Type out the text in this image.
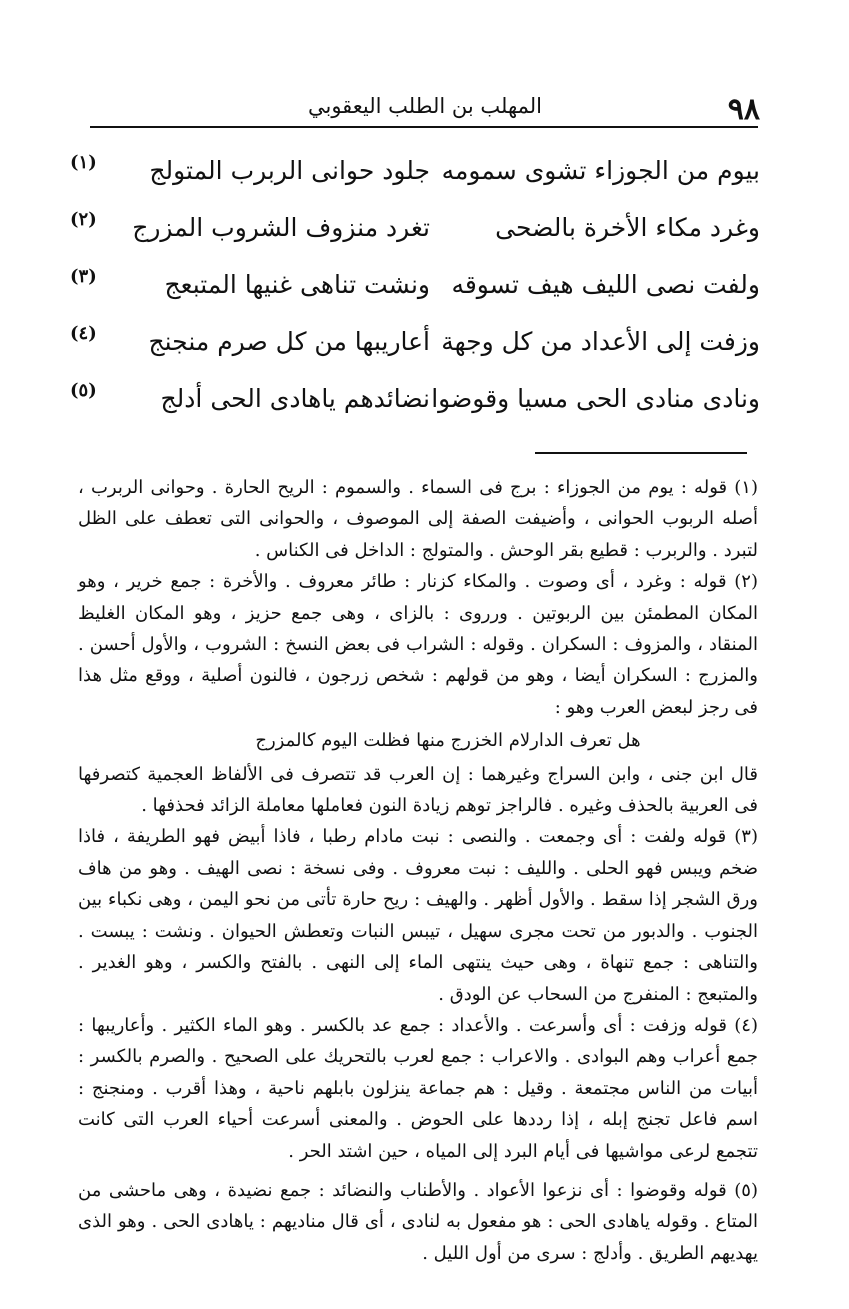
٩٨
المهلب بن الطلب اليعقوبي
بيوم من الجوزاء تشوى سمومه
جلود حوانى الربرب المتولج
(١)
وغرد مكاء الأخرة بالضحى
تغرد منزوف الشروب المزرج
(٢)
ولفت نصى الليف هيف تسوقه
ونشت تناهى غنيها المتبعج
(٣)
وزفت إلى الأعداد من كل وجهة
أعاريبها من كل صرم منجنج
(٤)
ونادى منادى الحى مسيا وقوضوا
نضائدهم ياهادى الحى أدلج
(٥)

(١) قوله : يوم من الجوزاء : برج فى السماء . والسموم : الريح الحارة . وحوانى الربرب ، أصله الربوب الحوانى ، وأضيفت الصفة إلى الموصوف ، والحوانى التى تعطف على الظل لتبرد . والربرب : قطيع بقر الوحش . والمتولج : الداخل فى الكناس .

(٢) قوله : وغرد ، أى وصوت . والمكاء كزنار : طائر معروف . والأخرة : جمع خرير ، وهو المكان المطمئن بين الربوتين . ورروى : بالزاى ، وهى جمع حزيز ، وهو المكان الغليظ المنقاد ، والمزوف : السكران . وقوله : الشراب فى بعض النسخ : الشروب ، والأول أحسن . والمزرج : السكران أيضا ، وهو من قولهم : شخص زرجون ، فالنون أصلية ، ووقع مثل هذا فى رجز لبعض العرب وهو :

هل تعرف الدارلام الخزرج منها فظلت اليوم كالمزرج

قال ابن جنى ، وابن السراج وغيرهما : إن العرب قد تتصرف فى الألفاظ العجمية كتصرفها فى العربية بالحذف وغيره . فالراجز توهم زيادة النون فعاملها معاملة الزائد فحذفها .

(٣) قوله ولفت : أى وجمعت . والنصى : نبت مادام رطبا ، فاذا أبيض فهو الطريفة ، فاذا ضخم ويبس فهو الحلى . والليف : نبت معروف . وفى نسخة : نصى الهيف . وهو من هاف ورق الشجر إذا سقط . والأول أظهر . والهيف : ريح حارة تأتى من نحو اليمن ، وهى نكباء بين الجنوب . والدبور من تحت مجرى سهيل ، تيبس النبات وتعطش الحيوان . ونشت : يبست . والتناهى : جمع تنهاة ، وهى حيث ينتهى الماء إلى النهى . بالفتح والكسر ، وهو الغدير . والمتبعج : المنفرج من السحاب عن الودق .

(٤) قوله وزفت : أى وأسرعت . والأعداد : جمع عد بالكسر . وهو الماء الكثير . وأعاريبها : جمع أعراب وهم البوادى . والاعراب : جمع لعرب بالتحريك على الصحيح . والصرم بالكسر : أبيات من الناس مجتمعة . وقيل : هم جماعة ينزلون بابلهم ناحية ، وهذا أقرب . ومنجنج : اسم فاعل تجنج إبله ، إذا رددها على الحوض . والمعنى أسرعت أحياء العرب التى كانت تتجمع لرعى مواشيها فى أيام البرد إلى المياه ، حين اشتد الحر .

(٥) قوله وقوضوا : أى نزعوا الأعواد . والأطناب والنضائد : جمع نضيدة ، وهى ماحشى من المتاع . وقوله ياهادى الحى : هو مفعول به لنادى ، أى قال مناديهم : ياهادى الحى . وهو الذى يهديهم الطريق . وأدلج : سرى من أول الليل .
